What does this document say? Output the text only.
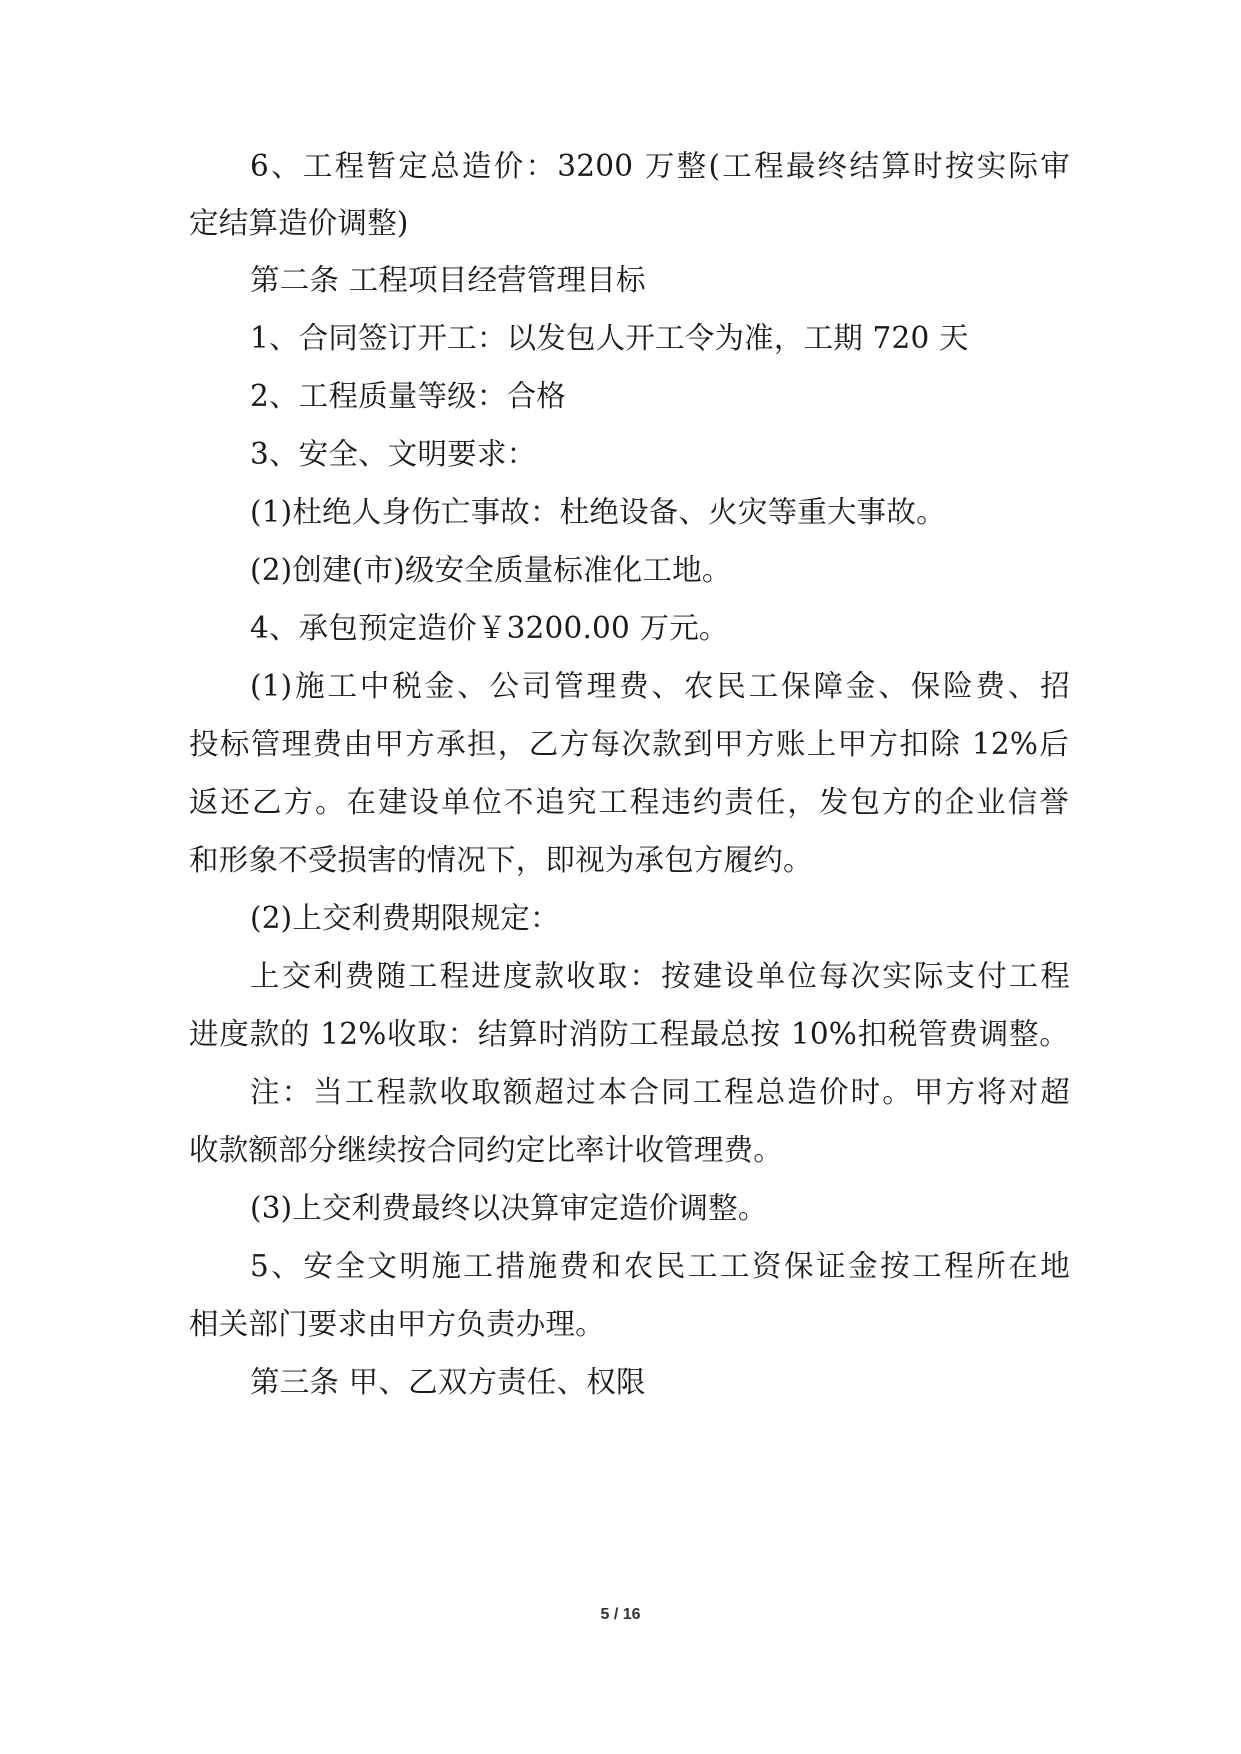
6、工程暂定总造价：3200 万整(工程最终结算时按实际审
定结算造价调整)
第二条 工程项目经营管理目标
1、合同签订开工：以发包人开工令为准，工期 720 天
2、工程质量等级：合格
3、安全、文明要求：
(1)杜绝人身伤亡事故：杜绝设备、火灾等重大事故。
(2)创建(市)级安全质量标准化工地。
4、承包预定造价￥3200.00 万元。
(1)施工中税金、公司管理费、农民工保障金、保险费、招
投标管理费由甲方承担，乙方每次款到甲方账上甲方扣除 12%后
返还乙方。在建设单位不追究工程违约责任，发包方的企业信誉
和形象不受损害的情况下，即视为承包方履约。
(2)上交利费期限规定：
上交利费随工程进度款收取：按建设单位每次实际支付工程
进度款的 12%收取：结算时消防工程最总按 10%扣税管费调整。
注：当工程款收取额超过本合同工程总造价时。甲方将对超
收款额部分继续按合同约定比率计收管理费。
(3)上交利费最终以决算审定造价调整。
5、安全文明施工措施费和农民工工资保证金按工程所在地
相关部门要求由甲方负责办理。
第三条 甲、乙双方责任、权限
5 / 16
